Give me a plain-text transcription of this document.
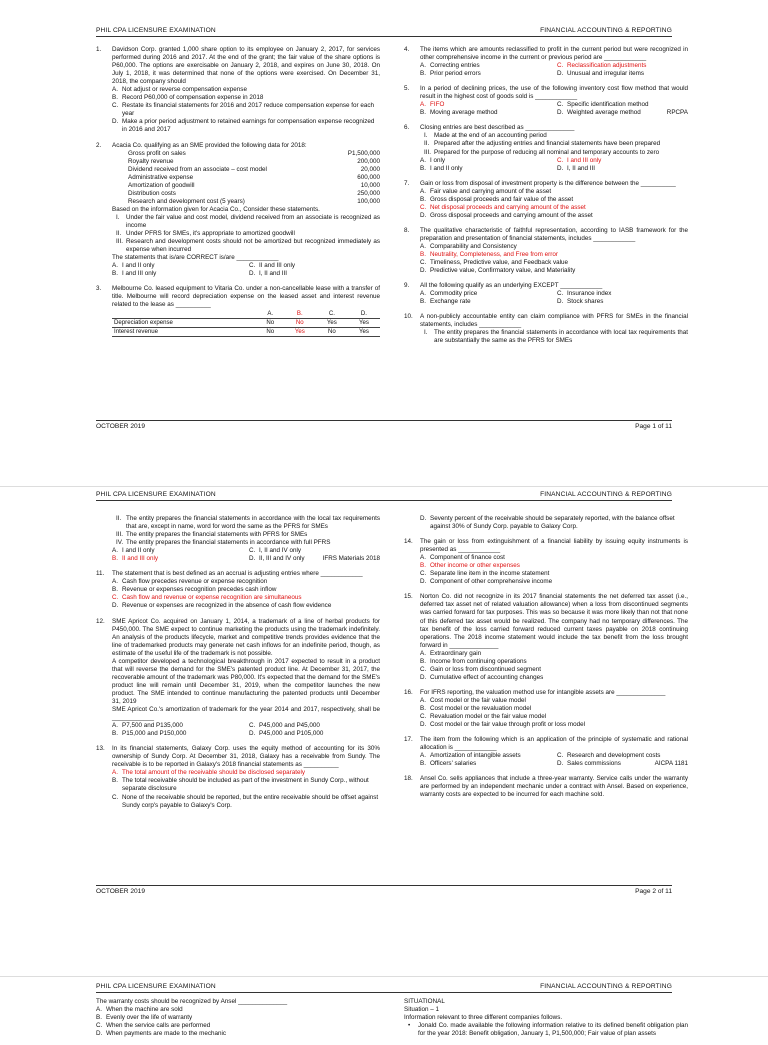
PHIL CPA LICENSURE EXAMINATION	FINANCIAL ACCOUNTING & REPORTING
1. Davidson Corp. granted 1,000 share option to its employee on January 2, 2017, for services performed during 2016 and 2017. At the end of the grant; the fair value of the share options is P60,000. The options are exercisable on January 2, 2018, and expires on June 30, 2018. On July 1, 2018, it was determined that none of the options were exercised. On December 31, 2018, the company should

A. Not adjust or reverse compensation expense
B. Record P60,000 of compensation expense in 2018
C. Restate its financial statements for 2016 and 2017 reduce compensation expense for each year
D. Make a prior period adjustment to retained earnings for compensation expense recognized in 2016 and 2017
2. Acacia Co. qualifying as an SME provided the following data for 2018:

Gross profit on sales	P1,500,000
Royalty revenue	200,000
Dividend received from an associate – cost model	20,000
Administrative expense	600,000
Amortization of goodwill	10,000
Distribution costs	250,000
Research and development cost (5 years)	100,000

Based on the information given for Acacia Co., Consider these statements.

I. Under the fair value and cost model, dividend received from an associate is recognized as income
II. Under PFRS for SMEs, it's appropriate to amortized goodwill
III. Research and development costs should not be amortized but recognized immediately as expense when incurred

The statements that is/are CORRECT is/are ____________

A. I and II only	C. II and III only
B. I and III only	D. I, II and III
3. Melbourne Co. leased equipment to Vitaria Co. under a non-cancellable lease with a transfer of title. Melbourne will record depreciation expense on the leased asset and interest revenue related to the lease as __________

	A.	B.	C.	D.
Depreciation expense	No	No	Yes	Yes
Interest revenue	No	Yes	No	Yes
4. The items which are amounts reclassified to profit in the current period but were recognized in other comprehensive income in the current or previous period are ____________

A. Correcting entries	C. Reclassification adjustments
B. Prior period errors	D. Unusual and irregular items
5. In a period of declining prices, the use of the following inventory cost flow method that would result in the highest cost of goods sold is ____________

A. FIFO	C. Specific identification method
B. Moving average method	D. Weighted average method	RPCPA
6. Closing entries are best described as ______________

I. Made at the end of an accounting period
II. Prepared after the adjusting entries and financial statements have been prepared
III. Prepared for the purpose of reducing all nominal and temporary accounts to zero
A. I only	C. I and III only
B. I and II only	D. I, II and III
7. Gain or loss from disposal of investment property is the difference between the __________

A. Fair value and carrying amount of the asset
B. Gross disposal proceeds and fair value of the asset
C. Net disposal proceeds and carrying amount of the asset
D. Gross disposal proceeds and carrying amount of the asset
8. The qualitative characteristic of faithful representation, according to IASB framework for the preparation and presentation of financial statements, includes ____________

A. Comparability and Consistency
B. Neutrality, Completeness, and Free from error
C. Timeliness, Predictive value, and Feedback value
D. Predictive value, Confirmatory value, and Materiality
9. All the following qualify as an underlying EXCEPT ____________

A. Commodity price	C. Insurance index
B. Exchange rate	D. Stock shares
10. A non-publicly accountable entity can claim compliance with PFRS for SMEs in the financial statements, includes ____________

I. The entity prepares the financial statements in accordance with local tax requirements that are substantially the same as the PFRS for SMEs
OCTOBER 2019	Page 1 of 11
PHIL CPA LICENSURE EXAMINATION	FINANCIAL ACCOUNTING & REPORTING
II. The entity prepares the financial statements in accordance with the local tax requirements that are, except in name, word for word the same as the PFRS for SMEs
III. The entity prepares the financial statements with PFRS for SMEs
IV. The entity prepares the financial statements in accordance with full PFRS
A. I and II only	C. I, II and IV only
B. II and III only	D. II, III and IV only	IFRS Materials 2018
11. The statement that is best defined as an accrual is adjusting entries where ____________

A. Cash flow precedes revenue or expense recognition
B. Revenue or expenses recognition precedes cash inflow
C. Cash flow and revenue or expense recognition are simultaneous
D. Revenue or expenses are recognized in the absence of cash flow evidence
12. SME Apricot Co. acquired on January 1, 2014, a trademark of a line of herbal products for P450,000. The SME expect to continue marketing the products using the trademark indefinitely. An analysis of the products lifecycle, market and competitive trends provides evidence that the line of trademarked products may generate net cash inflows for an indefinite period, though, as estimate of the useful life of the trademark is not possible.

A competitor developed a technological breakthrough in 2017 expected to result in a product that will reverse the demand for the SME's patented product line. At December 31, 2017, the recoverable amount of the trademark was P80,000. It's expected that the demand for the SME's product line will remain until December 31, 2019, when the competitor launches the new product. The SME intended to continue manufacturing the patented products until December 31, 2019

SME Apricot Co.'s amortization of trademark for the year 2014 and 2017, respectively, shall be ____________

A. P7,500 and P135,000	C. P45,000 and P45,000
B. P15,000 and P150,000	D. P45,000 and P105,000
13. In its financial statements, Galaxy Corp. uses the equity method of accounting for its 30% ownership of Sundy Corp. At December 31, 2018, Galaxy has a receivable from Sundy. The receivable is to be reported in Galaxy's 2018 financial statements as __________

A. The total amount of the receivable should be disclosed separately
B. The total receivable should be included as part of the investment in Sundy Corp., without separate disclosure
C. None of the receivable should be reported, but the entire receivable should be offset against Sundy corp's payable to Galaxy's Corp.
D. Seventy percent of the receivable should be separately reported, with the balance offset against 30% of Sundy Corp. payable to Galaxy Corp.
14. The gain or loss from extinguishment of a financial liability by issuing equity instruments is presented as ____________

A. Component of finance cost
B. Other income or other expenses
C. Separate line item in the income statement
D. Component of other comprehensive income
15. Norton Co. did not recognize in its 2017 financial statements the net deferred tax asset (i.e., deferred tax asset net of related valuation allowance) when a loss from discontinued segments was carried forward for tax purposes. This was so because it was more likely than not that none of this deferred tax asset would be realized. The company had no temporary differences. The tax benefit of the loss carried forward reduced current taxes payable on 2018 continuing operations. The 2018 income statement would include the tax benefit from the loss brought forward in ______________

A. Extraordinary gain
B. Income from continuing operations
C. Gain or loss from discontinued segment
D. Cumulative effect of accounting changes
16. For IFRS reporting, the valuation method use for intangible assets are ______________

A. Cost model or the fair value model
B. Cost model or the revaluation model
C. Revaluation model or the fair value model
D. Cost model or the fair value through profit or loss model
17. The item from the following which is an application of the principle of systematic and rational allocation is ____________

A. Amortization of intangible assets	C. Research and development costs
B. Officers' salaries	D. Sales commissions	AICPA 1181
18. Ansel Co. sells appliances that include a three-year warranty. Service calls under the warranty are performed by an independent mechanic under a contract with Ansel. Based on experience, warranty costs are expected to be incurred for each machine sold.

OCTOBER 2019	Page 2 of 11
PHIL CPA LICENSURE EXAMINATION	FINANCIAL ACCOUNTING & REPORTING

The warranty costs should be recognized by Ansel ______________

A. When the machine are sold
B. Evenly over the life of warranty
C. When the service calls are performed
D. When payments are made to the mechanic

SITUATIONAL

Situation – 1

Information relevant to three different companies follows.

• Jonald Co. made available the following information relative to its defined benefit obligation plan for the year 2018: Benefit obligation, January 1, P1,500,000; Fair value of plan assets
